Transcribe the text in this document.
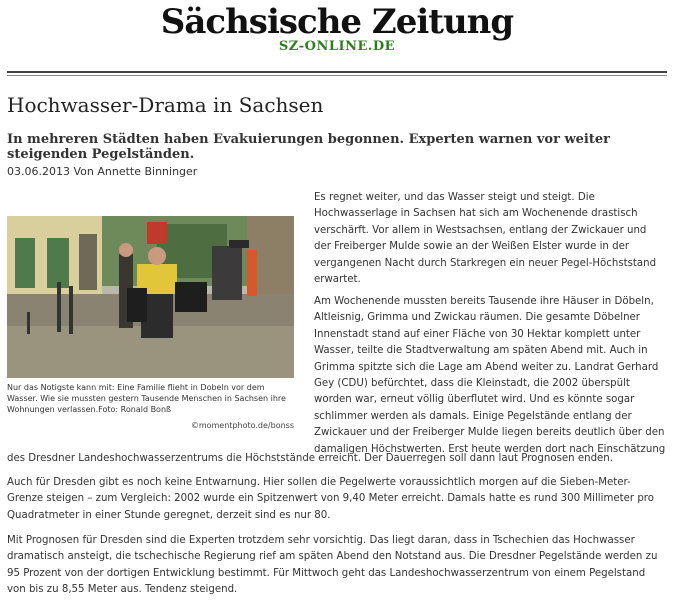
Sächsische Zeitung
SZ-ONLINE.DE
Hochwasser-Drama in Sachsen
In mehreren Städten haben Evakuierungen begonnen. Experten warnen vor weiter steigenden Pegelständen.
03.06.2013 Von Annette Binninger
Nur das Notigste kann mit: Eine Familie flieht in Dobeln vor dem Wasser. Wie sie mussten gestern Tausende Menschen in Sachsen ihre Wohnungen verlassen.Foto: Ronald Bonß
©momentphoto.de/bonss

Es regnet weiter, und das Wasser steigt und steigt. Die Hochwasserlage in Sachsen hat sich am Wochenende drastisch verschärft. Vor allem in Westsachsen, entlang der Zwickauer und der Freiberger Mulde sowie an der Weißen Elster wurde in der vergangenen Nacht durch Starkregen ein neuer Pegel-Höchststand erwartet.

Am Wochenende mussten bereits Tausende ihre Häuser in Döbeln, Altleisnig, Grimma und Zwickau räumen. Die gesamte Döbelner Innenstadt stand auf einer Fläche von 30 Hektar komplett unter Wasser, teilte die Stadtverwaltung am späten Abend mit. Auch in Grimma spitzte sich die Lage am Abend weiter zu. Landrat Gerhard Gey (CDU) befürchtet, dass die Kleinstadt, die 2002 überspült worden war, erneut völlig überflutet wird. Und es könnte sogar schlimmer werden als damals. Einige Pegelstände entlang der Zwickauer und der Freiberger Mulde liegen bereits deutlich über den damaligen Höchstwerten. Erst heute werden dort nach Einschätzung

des Dresdner Landeshochwasserzentrums die Höchststände erreicht. Der Dauerregen soll dann laut Prognosen enden.

Auch für Dresden gibt es noch keine Entwarnung. Hier sollen die Pegelwerte voraussichtlich morgen auf die Sieben-Meter-Grenze steigen – zum Vergleich: 2002 wurde ein Spitzenwert von 9,40 Meter erreicht. Damals hatte es rund 300 Millimeter pro Quadratmeter in einer Stunde geregnet, derzeit sind es nur 80.

Mit Prognosen für Dresden sind die Experten trotzdem sehr vorsichtig. Das liegt daran, dass in Tschechien das Hochwasser dramatisch ansteigt, die tschechische Regierung rief am späten Abend den Notstand aus. Die Dresdner Pegelstände werden zu 95 Prozent von der dortigen Entwicklung bestimmt. Für Mittwoch geht das Landeshochwasserzentrum von einem Pegelstand von bis zu 8,55 Meter aus. Tendenz steigend.
